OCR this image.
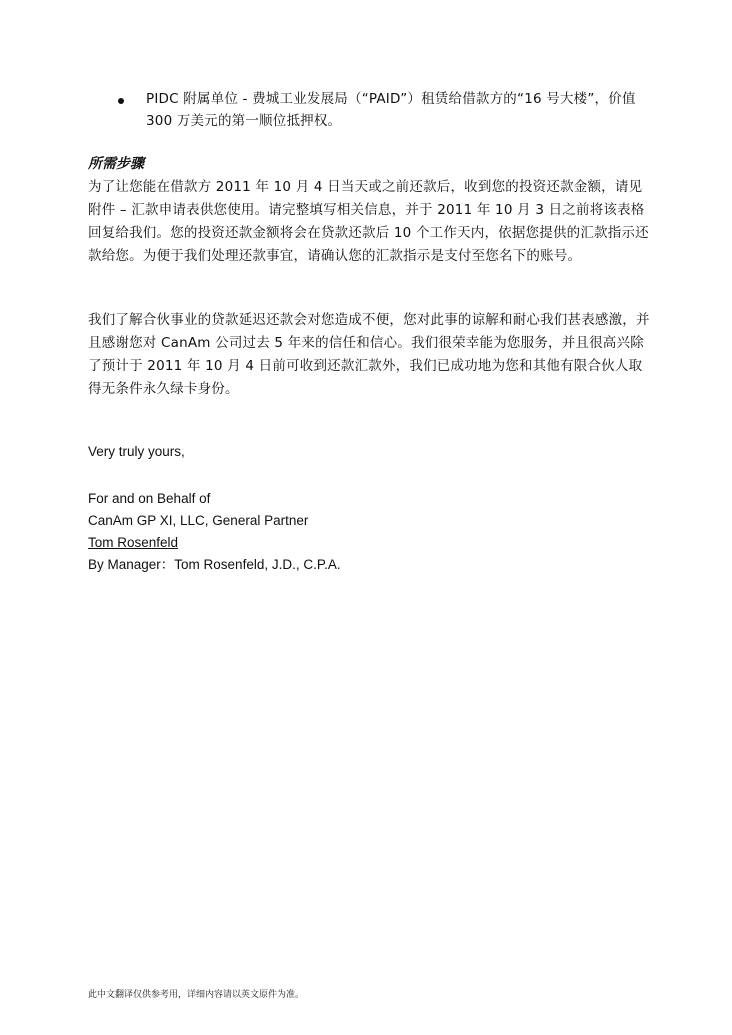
PIDC 附属单位 - 费城工业发展局（“PAID”）租赁给借款方的“16 号大楼”，价值 300 万美元的第一顺位抵押权。
所需步骤
为了让您能在借款方 2011 年 10 月 4 日当天或之前还款后，收到您的投资还款金额，请见附件 – 汇款申请表供您使用。请完整填写相关信息，并于 2011 年 10 月 3 日之前将该表格回复给我们。您的投资还款金额将会在贷款还款后 10 个工作天内，依据您提供的汇款指示还款给您。为便于我们处理还款事宜，请确认您的汇款指示是支付至您名下的账号。
我们了解合伙事业的贷款延迟还款会对您造成不便，您对此事的谅解和耐心我们甚表感激，并且感谢您对 CanAm 公司过去 5 年来的信任和信心。我们很荣幸能为您服务，并且很高兴除了预计于 2011 年 10 月 4 日前可收到还款汇款外，我们已成功地为您和其他有限合伙人取得无条件永久绿卡身份。
Very truly yours,
For and on Behalf of
CanAm GP XI, LLC, General Partner
Tom Rosenfeld
By Manager：Tom Rosenfeld, J.D., C.P.A.
此中文翻译仅供参考用，详细内容请以英文原件为准。
